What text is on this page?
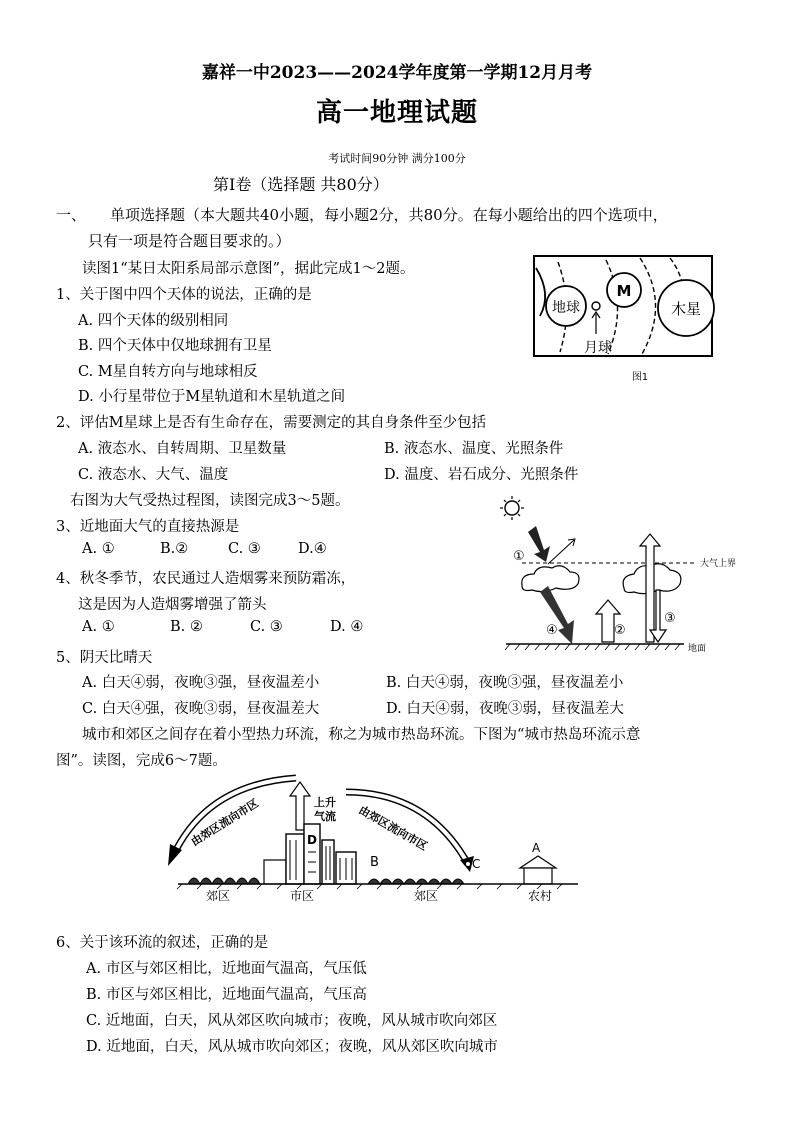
嘉祥一中2023——2024学年度第一学期12月月考
高一地理试题
考试时间90分钟 满分100分
第Ⅰ卷（选择题 共80分）
一、 单项选择题（本大题共40小题，每小题2分，共80分。在每小题给出的四个选项中，
只有一项是符合题目要求的。）
读图1“某日太阳系局部示意图”，据此完成1～2题。
地球
月球
M
木星
图1
1、关于图中四个天体的说法，正确的是
A. 四个天体的级别相同
B. 四个天体中仅地球拥有卫星
C. M星自转方向与地球相反
D. 小行星带位于M星轨道和木星轨道之间
2、评估M星球上是否有生命存在，需要测定的其自身条件至少包括
A. 液态水、自转周期、卫星数量	B. 液态水、温度、光照条件
C. 液态水、大气、温度	D. 温度、岩石成分、光照条件
右图为大气受热过程图，读图完成3～5题。
大气上界
①
④	②
③
地面
3、近地面大气的直接热源是
A. ①	B.②	C. ③	D.④
4、秋冬季节，农民通过人造烟雾来预防霜冻，
这是因为人造烟雾增强了箭头
A. ①	B. ②	C. ③	D. ④
5、阴天比晴天
A. 白天④弱，夜晚③强，昼夜温差小	B. 白天④弱，夜晚③强，昼夜温差小
C. 白天④强，夜晚③弱，昼夜温差大	D. 白天④弱，夜晚③弱，昼夜温差大
城市和郊区之间存在着小型热力环流，称之为城市热岛环流。下图为“城市热岛环流示意
图”。读图，完成6～7题。
由郊区流向市区	由郊区流向市区
上升
气流
D
B	C
A
郊区	市区	郊区	农村
6、关于该环流的叙述，正确的是
A. 市区与郊区相比，近地面气温高，气压低
B. 市区与郊区相比，近地面气温高，气压高
C. 近地面，白天，风从郊区吹向城市；夜晚，风从城市吹向郊区
D. 近地面，白天，风从城市吹向郊区；夜晚，风从郊区吹向城市
